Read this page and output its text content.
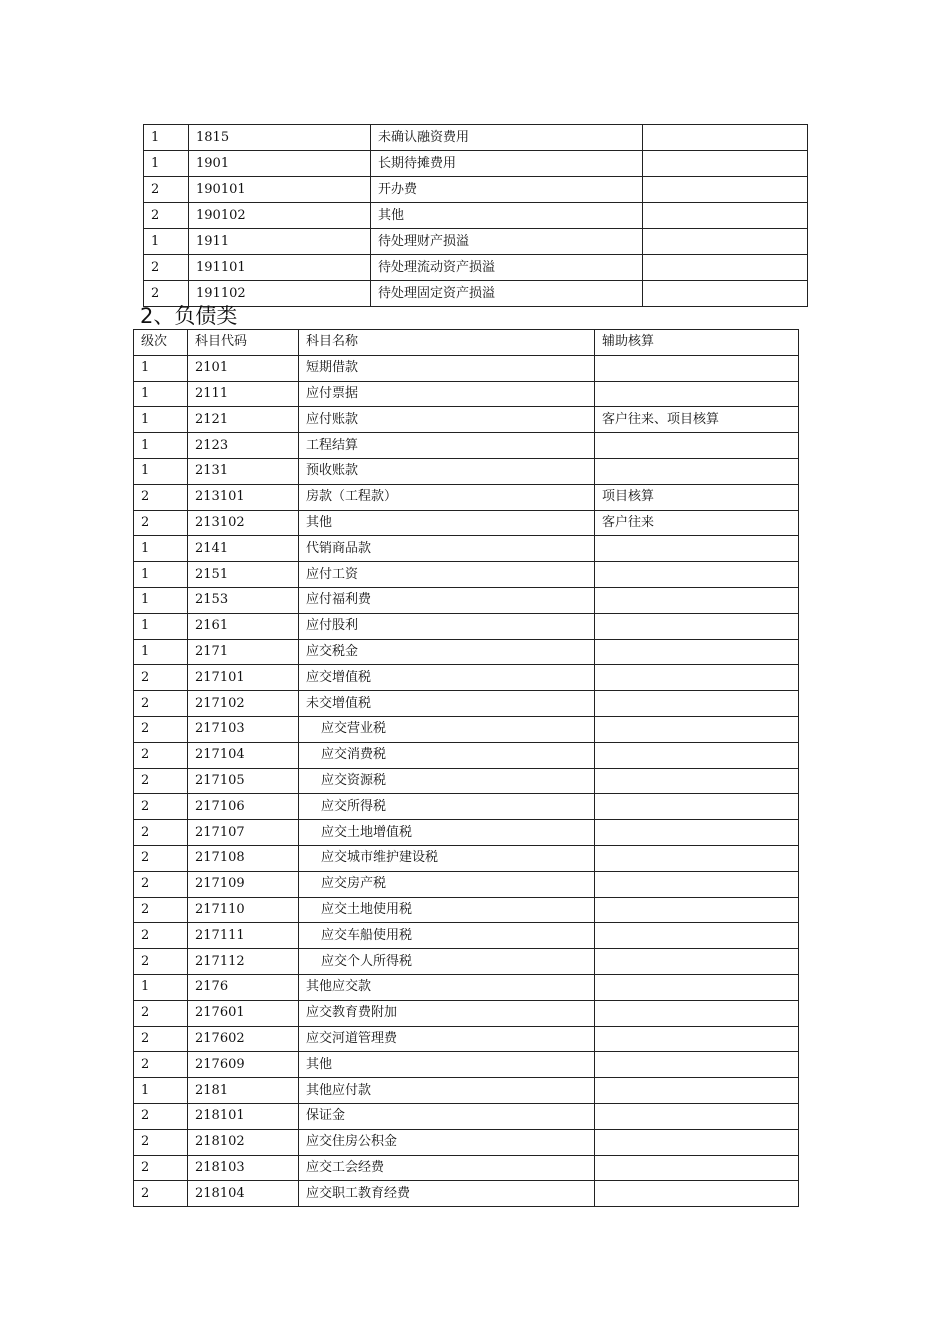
1	1815	未确认融资费用	
1	1901	长期待摊费用	
2	190101	开办费	
2	190102	其他	
1	1911	待处理财产损溢	
2	191101	待处理流动资产损溢	
2	191102	待处理固定资产损溢	
2、负债类
级次	科目代码	科目名称	辅助核算
1	2101	短期借款	
1	2111	应付票据	
1	2121	应付账款	客户往来、项目核算
1	2123	工程结算	
1	2131	预收账款	
2	213101	房款（工程款）	项目核算
2	213102	其他	客户往来
1	2141	代销商品款	
1	2151	应付工资	
1	2153	应付福利费	
1	2161	应付股利	
1	2171	应交税金	
2	217101	应交增值税	
2	217102	未交增值税	
2	217103	应交营业税	
2	217104	应交消费税	
2	217105	应交资源税	
2	217106	应交所得税	
2	217107	应交土地增值税	
2	217108	应交城市维护建设税	
2	217109	应交房产税	
2	217110	应交土地使用税	
2	217111	应交车船使用税	
2	217112	应交个人所得税	
1	2176	其他应交款	
2	217601	应交教育费附加	
2	217602	应交河道管理费	
2	217609	其他	
1	2181	其他应付款	
2	218101	保证金	
2	218102	应交住房公积金	
2	218103	应交工会经费	
2	218104	应交职工教育经费	
